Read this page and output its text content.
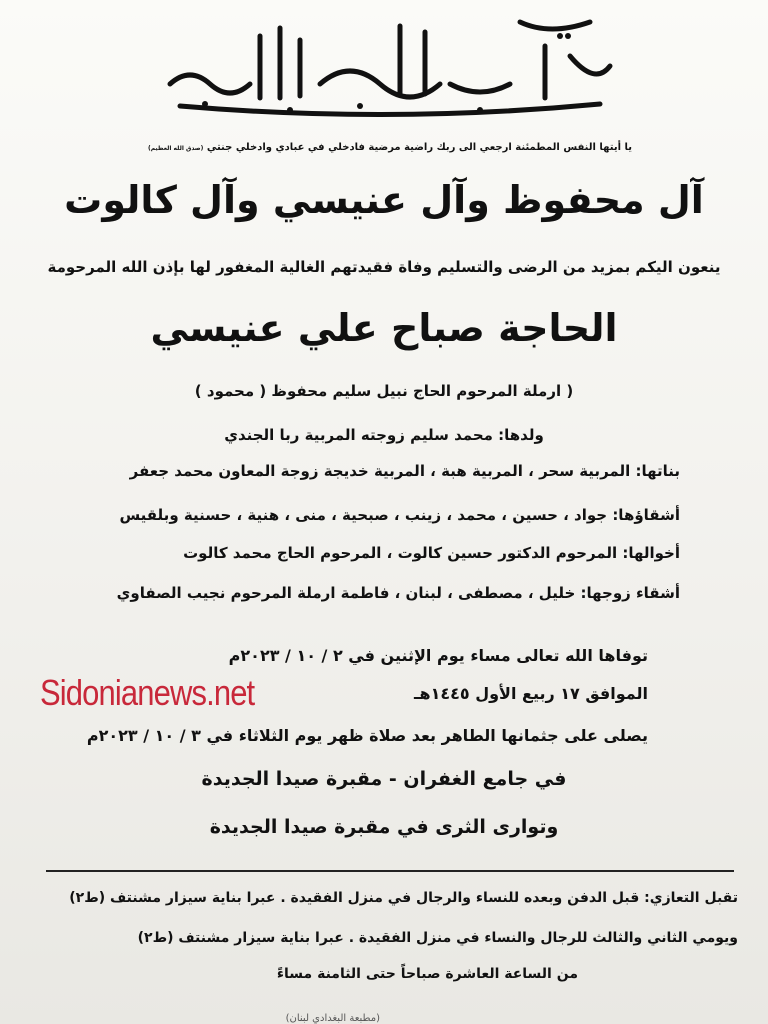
سبحان الحي الذي لا يموت
يا أيتها النفس المطمئنة ارجعي الى ربك راضية مرضية فادخلي في عبادي وادخلي جنتي (صدق الله العظيم)
آل محفوظ وآل عنيسي وآل كالوت
ينعون اليكم بمزيد من الرضى والتسليم وفاة فقيدتهم الغالية المغفور لها بإذن الله المرحومة
الحاجة صباح علي عنيسي
( ارملة المرحوم الحاج نبيل سليم محفوظ ( محمود )
ولدها: محمد سليم زوجته المربية ربا الجندي
بناتها: المربية سحر ، المربية هبة ، المربية خديجة زوجة المعاون محمد جعفر
أشقاؤها: جواد ، حسين ، محمد ، زينب ، صبحية ، منى ، هنية ، حسنية وبلقيس
أخوالها: المرحوم الدكتور حسين كالوت ، المرحوم الحاج محمد كالوت
أشقاء زوجها: خليل ، مصطفى ، لبنان ، فاطمة ارملة المرحوم نجيب الصفاوي
توفاها الله تعالى مساء يوم الإثنين في ٢ / ١٠ / ٢٠٢٣م
الموافق ١٧ ربيع الأول ١٤٤٥هـ
يصلى على جثمانها الطاهر بعد صلاة ظهر يوم الثلاثاء في ٣ / ١٠ / ٢٠٢٣م
في جامع الغفران - مقبرة صيدا الجديدة
وتوارى الثرى في مقبرة صيدا الجديدة
Sidonianews.net
تقبل التعازي: قبل الدفن وبعده للنساء والرجال في منزل الفقيدة . عبرا بناية سيزار مشنتف (ط٢)
ويومي الثاني والثالث للرجال والنساء في منزل الفقيدة . عبرا بناية سيزار مشنتف (ط٢)
من الساعة العاشرة صباحاً حتى الثامنة مساءً
(مطبعة البغدادي لبنان)
